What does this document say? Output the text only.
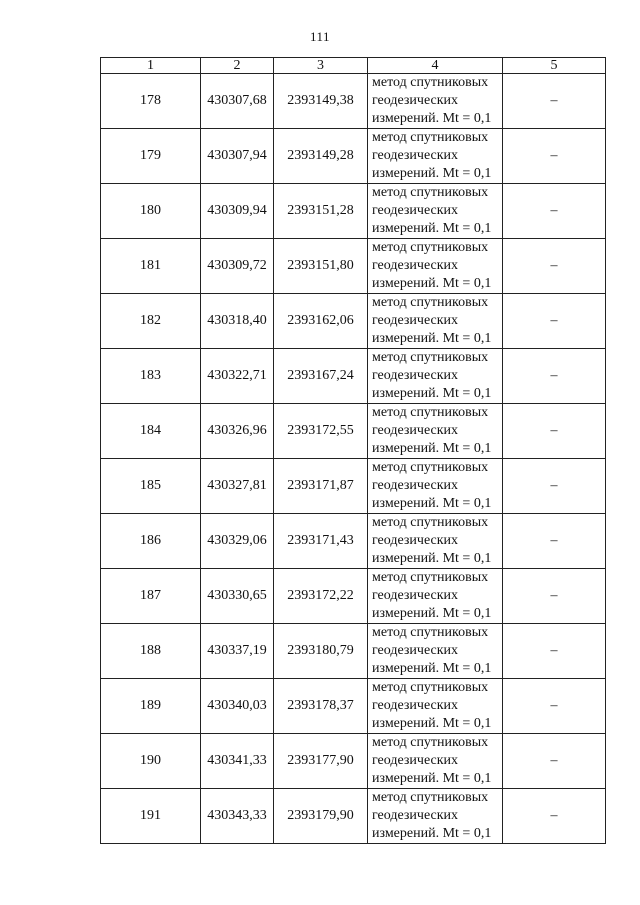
111
1	2	3	4	5
178	430307,68	2393149,38	метод спутниковых
геодезических
измерений. Mt = 0,1	–
179	430307,94	2393149,28	метод спутниковых
геодезических
измерений. Mt = 0,1	–
180	430309,94	2393151,28	метод спутниковых
геодезических
измерений. Mt = 0,1	–
181	430309,72	2393151,80	метод спутниковых
геодезических
измерений. Mt = 0,1	–
182	430318,40	2393162,06	метод спутниковых
геодезических
измерений. Mt = 0,1	–
183	430322,71	2393167,24	метод спутниковых
геодезических
измерений. Mt = 0,1	–
184	430326,96	2393172,55	метод спутниковых
геодезических
измерений. Mt = 0,1	–
185	430327,81	2393171,87	метод спутниковых
геодезических
измерений. Mt = 0,1	–
186	430329,06	2393171,43	метод спутниковых
геодезических
измерений. Mt = 0,1	–
187	430330,65	2393172,22	метод спутниковых
геодезических
измерений. Mt = 0,1	–
188	430337,19	2393180,79	метод спутниковых
геодезических
измерений. Mt = 0,1	–
189	430340,03	2393178,37	метод спутниковых
геодезических
измерений. Mt = 0,1	–
190	430341,33	2393177,90	метод спутниковых
геодезических
измерений. Mt = 0,1	–
191	430343,33	2393179,90	метод спутниковых
геодезических
измерений. Mt = 0,1	–
